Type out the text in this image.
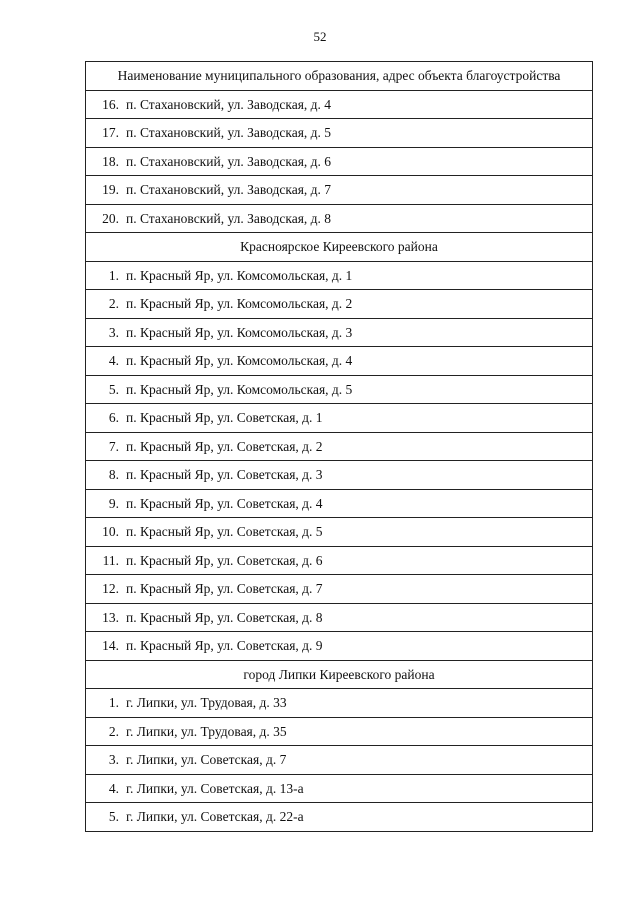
52
Наименование муниципального образования, адрес объекта благоустройства
16. п. Стахановский, ул. Заводская, д. 4
17. п. Стахановский, ул. Заводская, д. 5
18. п. Стахановский, ул. Заводская, д. 6
19. п. Стахановский, ул. Заводская, д. 7
20. п. Стахановский, ул. Заводская, д. 8
Красноярское Киреевского района
1. п. Красный Яр, ул. Комсомольская, д. 1
2. п. Красный Яр, ул. Комсомольская, д. 2
3. п. Красный Яр, ул. Комсомольская, д. 3
4. п. Красный Яр, ул. Комсомольская, д. 4
5. п. Красный Яр, ул. Комсомольская, д. 5
6. п. Красный Яр, ул. Советская, д. 1
7. п. Красный Яр, ул. Советская, д. 2
8. п. Красный Яр, ул. Советская, д. 3
9. п. Красный Яр, ул. Советская, д. 4
10. п. Красный Яр, ул. Советская, д. 5
11. п. Красный Яр, ул. Советская, д. 6
12. п. Красный Яр, ул. Советская, д. 7
13. п. Красный Яр, ул. Советская, д. 8
14. п. Красный Яр, ул. Советская, д. 9
город Липки Киреевского района
1. г. Липки, ул. Трудовая, д. 33
2. г. Липки, ул. Трудовая, д. 35
3. г. Липки, ул. Советская, д. 7
4. г. Липки, ул. Советская, д. 13-а
5. г. Липки, ул. Советская, д. 22-а
